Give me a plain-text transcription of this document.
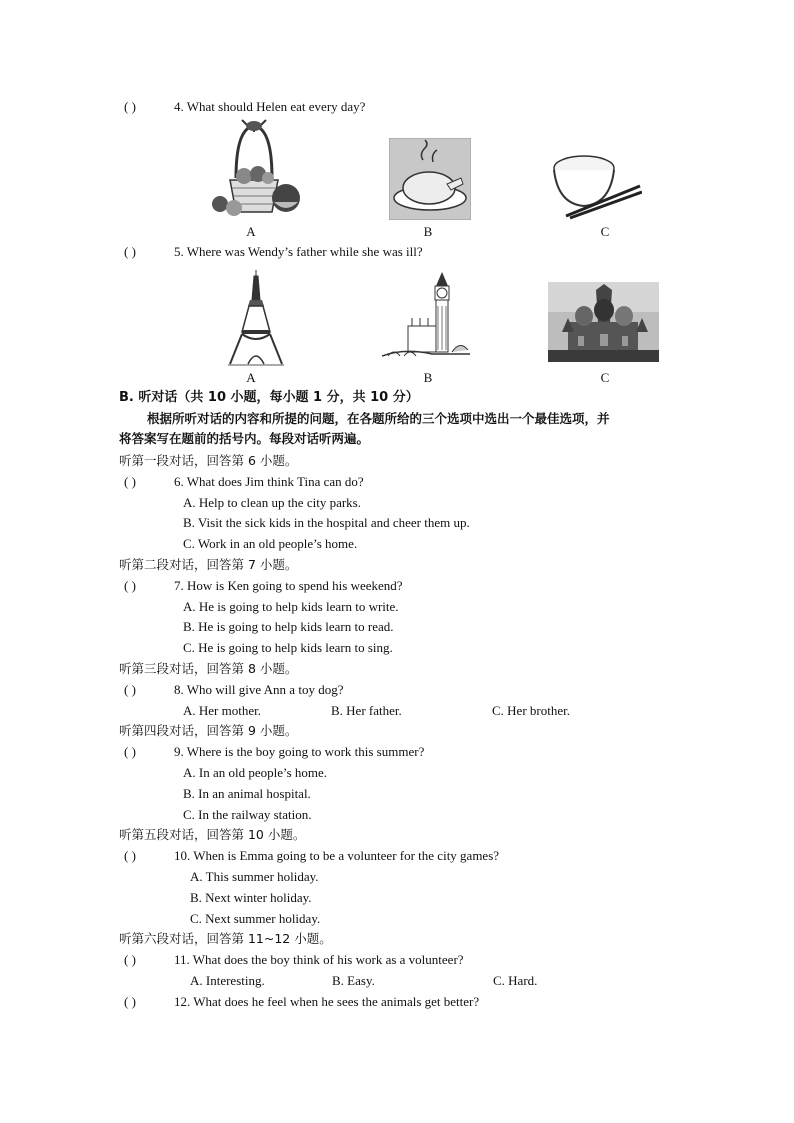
( )	4. What should Helen eat every day?
A	B	C
( )	5. Where was Wendy’s father while she was ill?
A	B	C
B. 听对话（共 10 小题，每小题 1 分，共 10 分）
根据所听对话的内容和所提的问题，在各题所给的三个选项中选出一个最佳选项，并
将答案写在题前的括号内。每段对话听两遍。
听第一段对话，回答第 6 小题。
( )	6. What does Jim think Tina can do?
A. Help to clean up the city parks.
B. Visit the sick kids in the hospital and cheer them up.
C. Work in an old people’s home.
听第二段对话，回答第 7 小题。
( )	7. How is Ken going to spend his weekend?
A. He is going to help kids learn to write.
B. He is going to help kids learn to read.
C. He is going to help kids learn to sing.
听第三段对话，回答第 8 小题。
( )	8. Who will give Ann a toy dog?
A. Her mother.	B. Her father.	C. Her brother.
听第四段对话，回答第 9 小题。
( )	9. Where is the boy going to work this summer?
A. In an old people’s home.
B. In an animal hospital.
C. In the railway station.
听第五段对话，回答第 10 小题。
( )	10. When is Emma going to be a volunteer for the city games?
A. This summer holiday.
B. Next winter holiday.
C. Next summer holiday.
听第六段对话，回答第 11~12 小题。
( )	11. What does the boy think of his work as a volunteer?
A. Interesting.	B. Easy.	C. Hard.
( )	12. What does he feel when he sees the animals get better?
